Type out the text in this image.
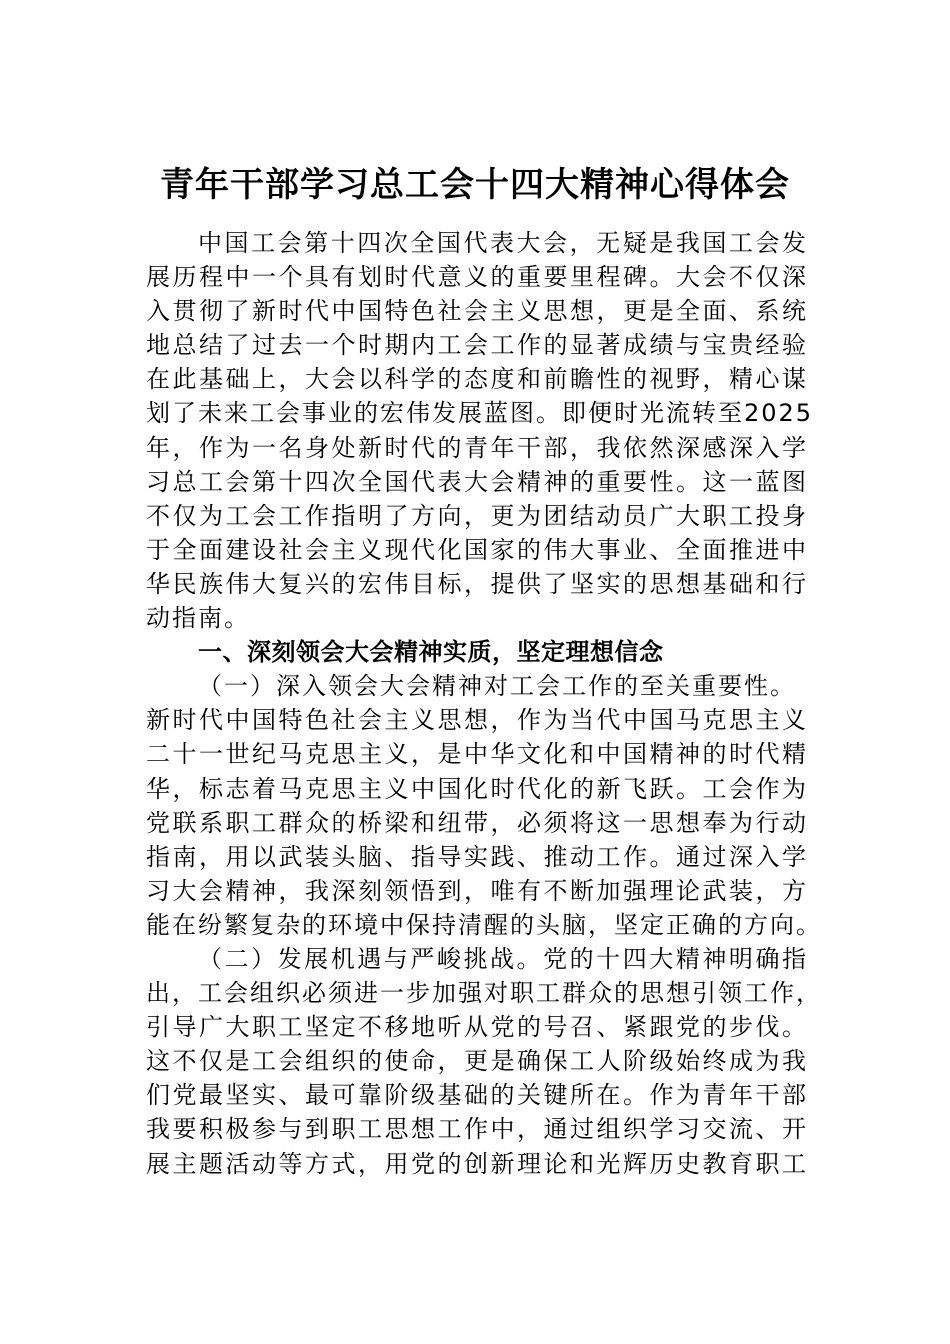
青年干部学习总工会十四大精神心得体会
中国工会第十四次全国代表大会，无疑是我国工会发
展历程中一个具有划时代意义的重要里程碑。大会不仅深
入贯彻了新时代中国特色社会主义思想，更是全面、系统
地总结了过去一个时期内工会工作的显著成绩与宝贵经验
在此基础上，大会以科学的态度和前瞻性的视野，精心谋
划了未来工会事业的宏伟发展蓝图。即便时光流转至2025
年，作为一名身处新时代的青年干部，我依然深感深入学
习总工会第十四次全国代表大会精神的重要性。这一蓝图
不仅为工会工作指明了方向，更为团结动员广大职工投身
于全面建设社会主义现代化国家的伟大事业、全面推进中
华民族伟大复兴的宏伟目标，提供了坚实的思想基础和行
动指南。
一、深刻领会大会精神实质，坚定理想信念
（一）深入领会大会精神对工会工作的至关重要性。
新时代中国特色社会主义思想，作为当代中国马克思主义
二十一世纪马克思主义，是中华文化和中国精神的时代精
华，标志着马克思主义中国化时代化的新飞跃。工会作为
党联系职工群众的桥梁和纽带，必须将这一思想奉为行动
指南，用以武装头脑、指导实践、推动工作。通过深入学
习大会精神，我深刻领悟到，唯有不断加强理论武装，方
能在纷繁复杂的环境中保持清醒的头脑，坚定正确的方向。
（二）发展机遇与严峻挑战。党的十四大精神明确指
出，工会组织必须进一步加强对职工群众的思想引领工作，
引导广大职工坚定不移地听从党的号召、紧跟党的步伐。
这不仅是工会组织的使命，更是确保工人阶级始终成为我
们党最坚实、最可靠阶级基础的关键所在。作为青年干部
我要积极参与到职工思想工作中，通过组织学习交流、开
展主题活动等方式，用党的创新理论和光辉历史教育职工
